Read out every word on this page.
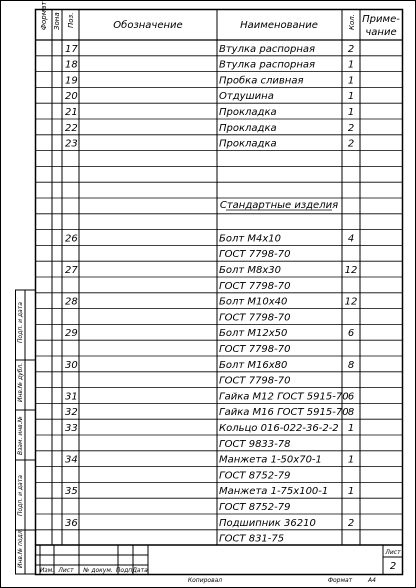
Формат Зона Поз.	Обозначение	Наименование	Кол. Приме-
чание
17	Втулка распорная	2
18	Втулка распорная	1
19	Пробка сливная	1
20	Отдушина	1
21	Прокладка	1
22	Прокладка	2
23	Прокладка	2
26	Болт М4х10	4
ГОСТ 7798-70
27	Болт М8х30	12
ГОСТ 7798-70
28	Болт М10х40	12
ГОСТ 7798-70
29	Болт М12х50	6
ГОСТ 7798-70
30	Болт М16х80	8
ГОСТ 7798-70
31	Гайка М12 ГОСТ 5915-70 6
32	Гайка М16 ГОСТ 5915-70 8
33	Кольцо 016-022-36-2-2 1
ГОСТ 9833-78
34	Манжета 1-50х70-1	1
ГОСТ 8752-79
35	Манжета 1-75х100-1 1
ГОСТ 8752-79
36	Подшипник 36210	2
ГОСТ 831-75
Стандартные изделия
Подп. и дата
Инв.№ дубл.
Взам. инв.№
Подп. и дата
Инв.№ подл.
Изм. Лист № докум. Подп.
Дата
Лист
2
Копировал	Формат	А4
